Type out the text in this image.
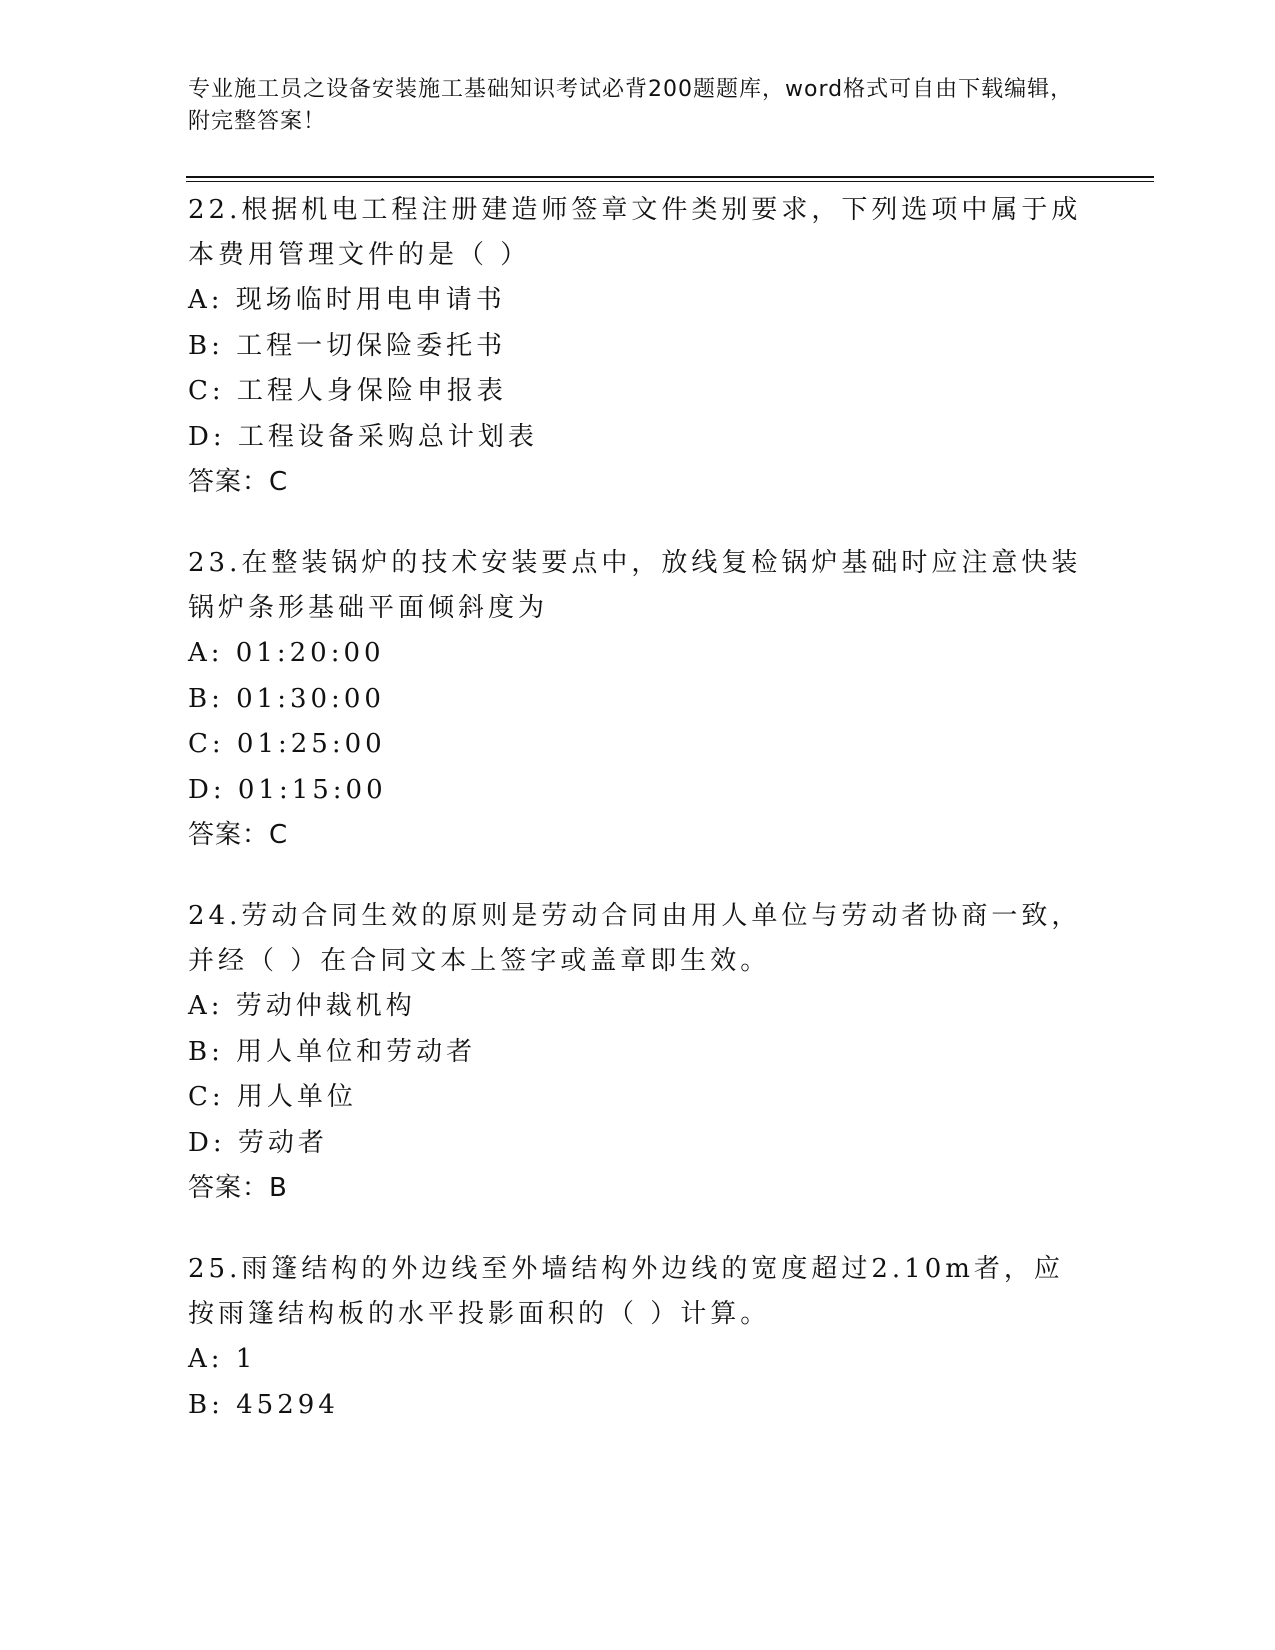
专业施工员之设备安装施工基础知识考试必背200题题库，word格式可自由下载编辑，附完整答案！

22.根据机电工程注册建造师签章文件类别要求，下列选项中属于成本费用管理文件的是（ ）

A: 现场临时用电申请书

B: 工程一切保险委托书

C: 工程人身保险申报表

D: 工程设备采购总计划表

答案：C

23.在整装锅炉的技术安装要点中，放线复检锅炉基础时应注意快装锅炉条形基础平面倾斜度为

A: 01:20:00

B: 01:30:00

C: 01:25:00

D: 01:15:00

答案：C

24.劳动合同生效的原则是劳动合同由用人单位与劳动者协商一致，并经（ ）在合同文本上签字或盖章即生效。

A: 劳动仲裁机构

B: 用人单位和劳动者

C: 用人单位

D: 劳动者

答案：B

25.雨篷结构的外边线至外墙结构外边线的宽度超过2.10m者，应按雨篷结构板的水平投影面积的（ ）计算。

A: 1

B: 45294
